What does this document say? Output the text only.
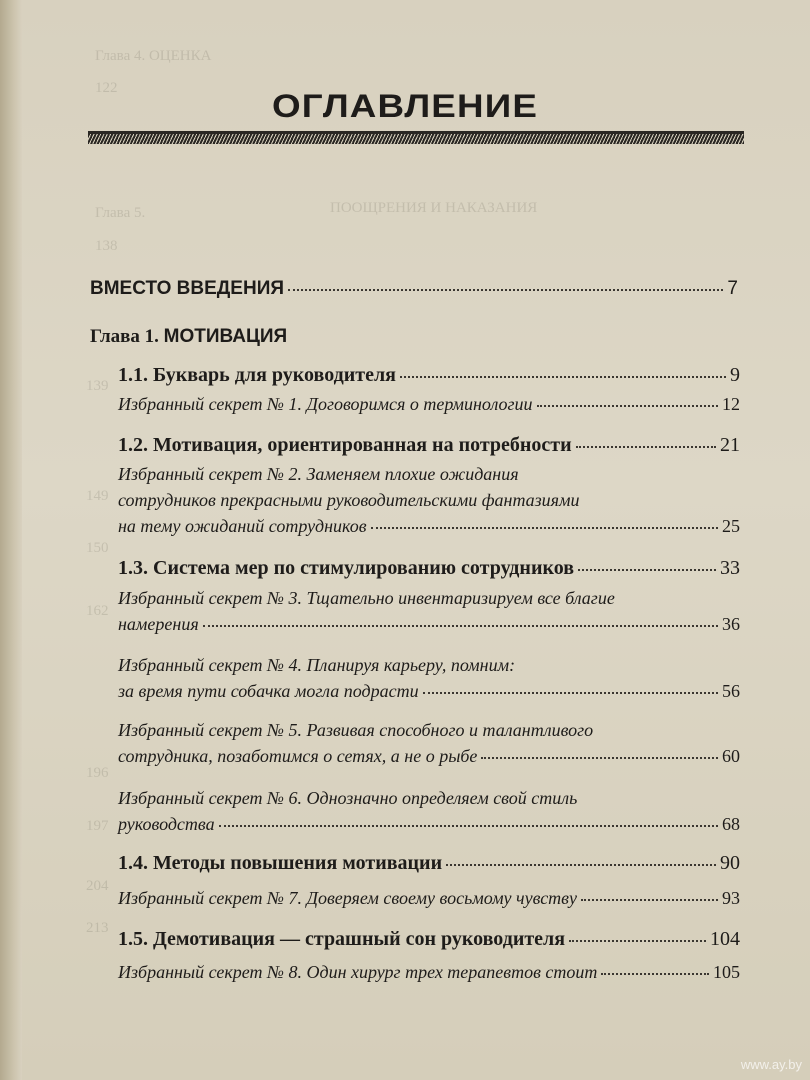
Глава 4. ОЦЕНКА
122
Глава 5.	ПООЩРЕНИЯ И НАКАЗАНИЯ
138
139
149
150
162
196
197
204
213
ОГЛАВЛЕНИЕ
ВМЕСТО ВВЕДЕНИЯ	7
Глава 1. МОТИВАЦИЯ
1.1. Букварь для руководителя	9
Избранный секрет № 1. Договоримся о терминологии	12
1.2. Мотивация, ориентированная на потребности	21
Избранный секрет № 2. Заменяем плохие ожидания
сотрудников прекрасными руководительскими фантазиями
на тему ожиданий сотрудников	25
1.3. Система мер по стимулированию сотрудников	33
Избранный секрет № 3. Тщательно инвентаризируем все благие
намерения	36
Избранный секрет № 4. Планируя карьеру, помним:
за время пути собачка могла подрасти	56
Избранный секрет № 5. Развивая способного и талантливого
сотрудника, позаботимся о сетях, а не о рыбе	60
Избранный секрет № 6. Однозначно определяем свой стиль
руководства	68
1.4. Методы повышения мотивации	90
Избранный секрет № 7. Доверяем своему восьмому чувству	93
1.5. Демотивация — страшный сон руководителя	104
Избранный секрет № 8. Один хирург трех терапевтов стоит	105
www.ay.by
